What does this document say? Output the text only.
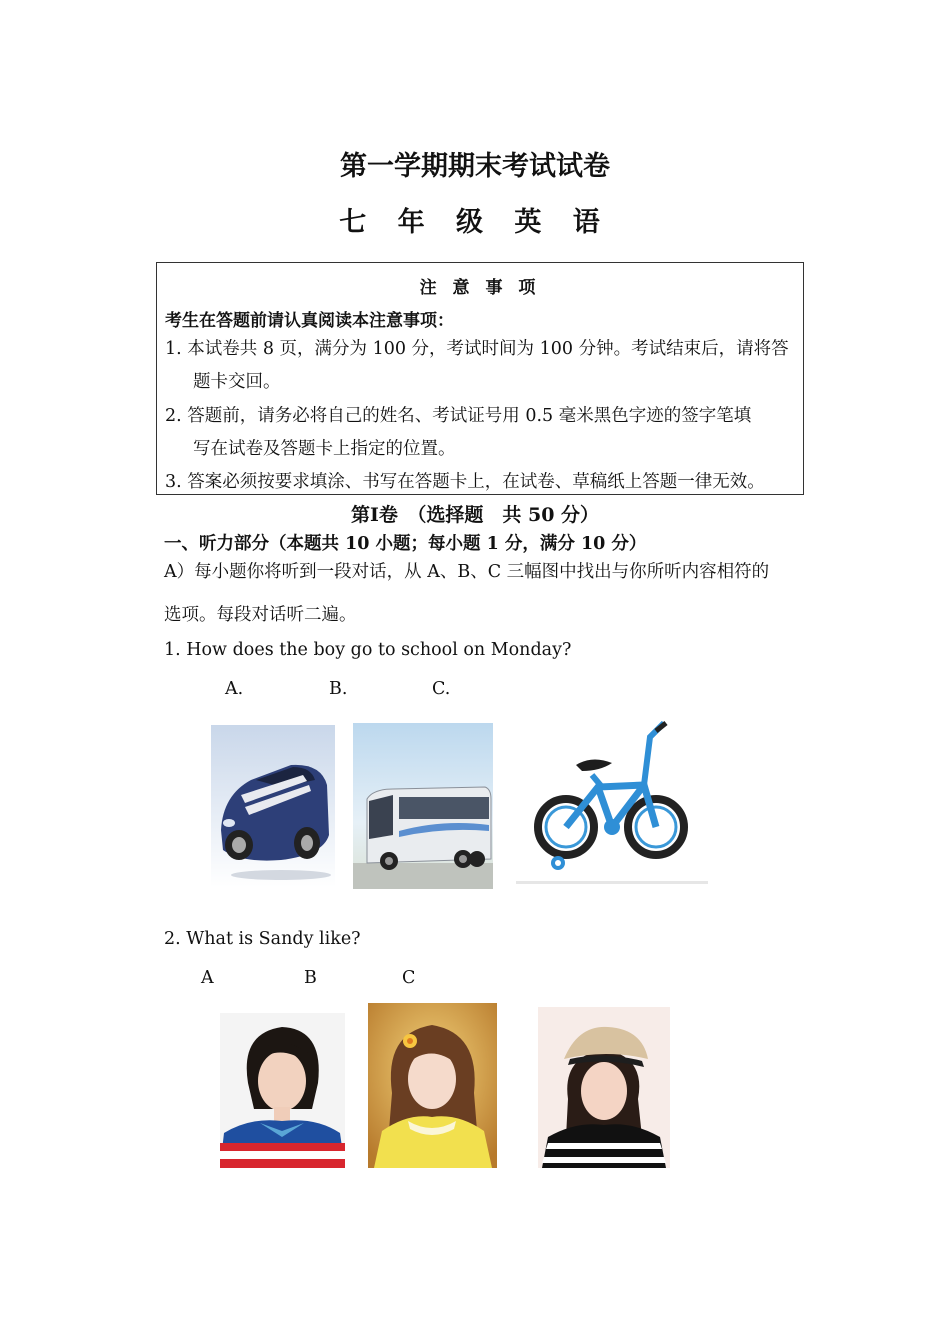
第一学期期末考试试卷
七 年 级 英 语
注 意 事 项
考生在答题前请认真阅读本注意事项：
1. 本试卷共 8 页，满分为 100 分，考试时间为 100 分钟。考试结束后，请将答
题卡交回。
2. 答题前，请务必将自己的姓名、考试证号用 0.5 毫米黑色字迹的签字笔填
写在试卷及答题卡上指定的位置。
3. 答案必须按要求填涂、书写在答题卡上，在试卷、草稿纸上答题一律无效。
第Ⅰ卷　（选择题　共 50 分）
一、听力部分（本题共 10 小题；每小题 1 分，满分 10 分）
A）每小题你将听到一段对话，从 A、B、C 三幅图中找出与你所听内容相符的
选项。每段对话听二遍。
1. How does the boy go to school on Monday?
A.	B.	C.
2. What is Sandy like?
A	B	C
